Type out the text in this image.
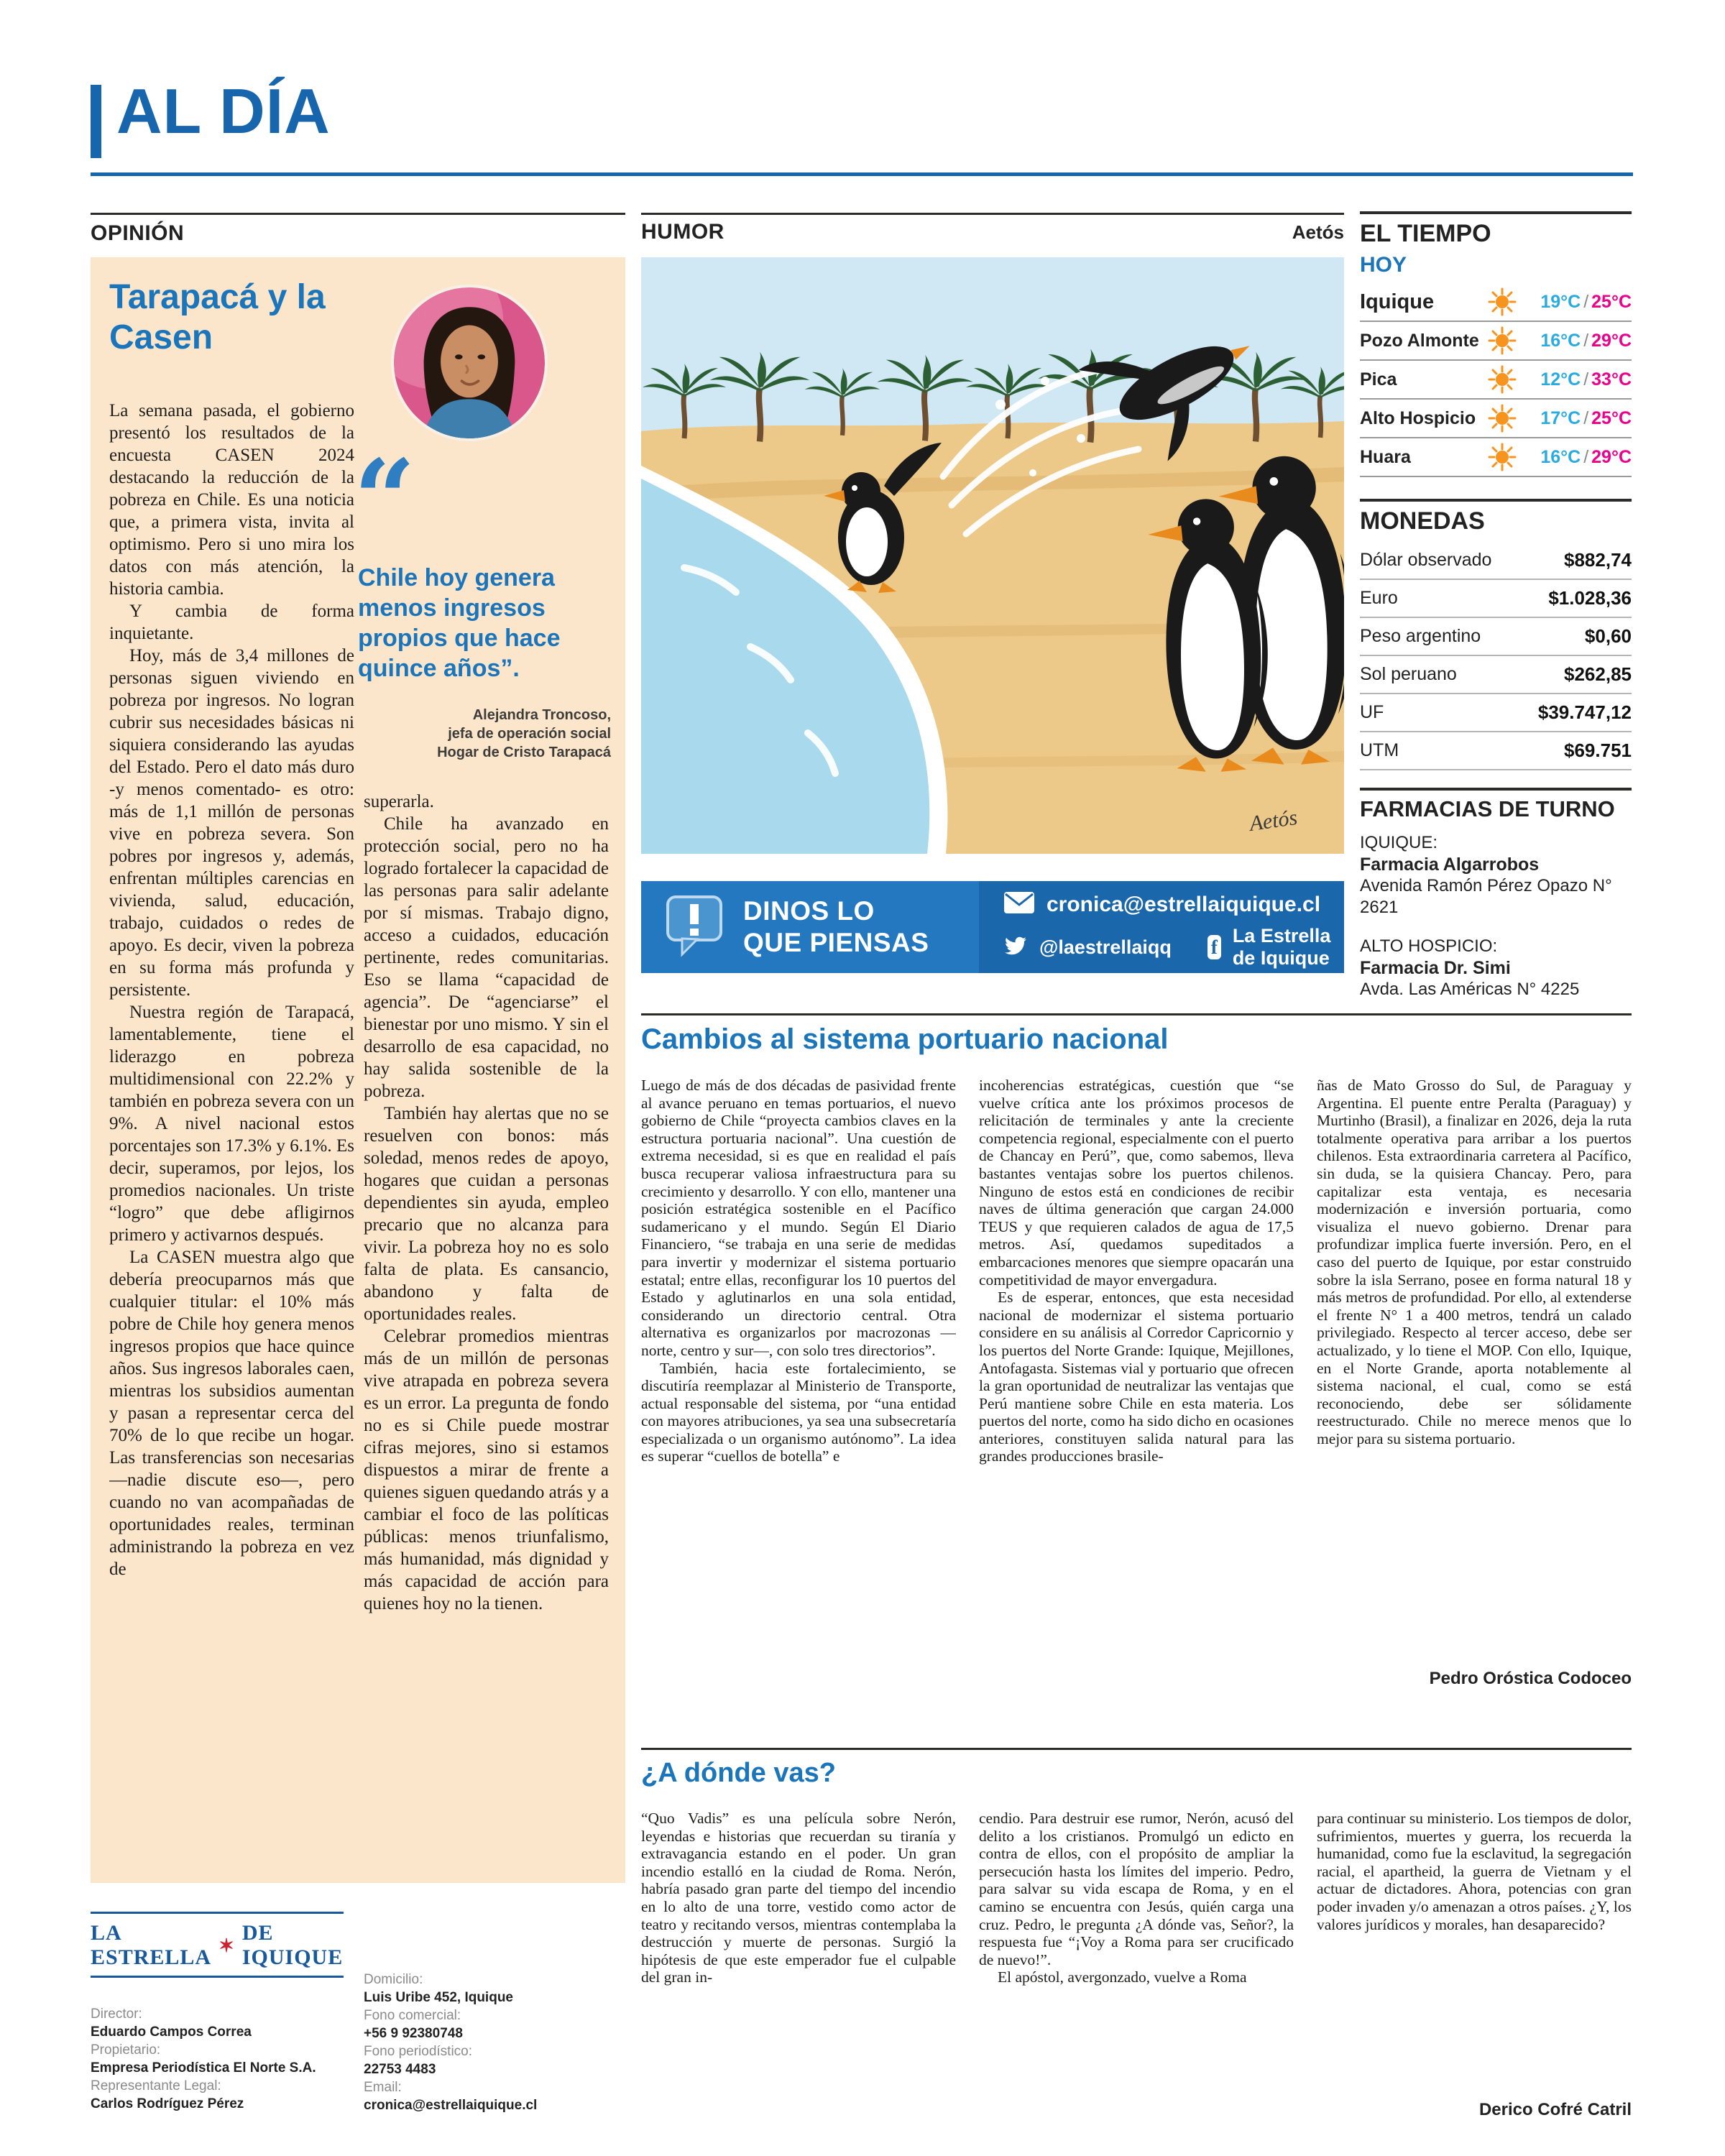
AL DÍA
OPINIÓN	HUMOR	Aetós
Tarapacá y la Casen
“
Chile hoy genera menos ingresos propios que hace quince años”.
Alejandra Troncoso,
jefa de operación social
Hogar de Cristo Tarapacá

La semana pasada, el gobierno presentó los resultados de la encuesta CASEN 2024 destacando la reducción de la pobreza en Chile. Es una noticia que, a primera vista, invita al optimismo. Pero si uno mira los datos con más atención, la historia cambia.

Y cambia de forma inquietante.

Hoy, más de 3,4 millones de personas siguen viviendo en pobreza por ingresos. No logran cubrir sus necesidades básicas ni siquiera considerando las ayudas del Estado. Pero el dato más duro -y menos comentado- es otro: más de 1,1 millón de personas vive en pobreza severa. Son pobres por ingresos y, además, enfrentan múltiples carencias en vivienda, salud, educación, trabajo, cuidados o redes de apoyo. Es decir, viven la pobreza en su forma más profunda y persistente.

Nuestra región de Tarapacá, lamentablemente, tiene el liderazgo en pobreza multidimensional con 22.2% y también en pobreza severa con un 9%. A nivel nacional estos porcentajes son 17.3% y 6.1%. Es decir, superamos, por lejos, los promedios nacionales. Un triste “logro” que debe afligirnos primero y activarnos después.

La CASEN muestra algo que debería preocuparnos más que cualquier titular: el 10% más pobre de Chile hoy genera menos ingresos propios que hace quince años. Sus ingresos laborales caen, mientras los subsidios aumentan y pasan a representar cerca del 70% de lo que recibe un hogar. Las transferencias son necesarias —nadie discute eso—, pero cuando no van acompañadas de oportunidades reales, terminan administrando la pobreza en vez de

superarla.

Chile ha avanzado en protección social, pero no ha logrado fortalecer la capacidad de las personas para salir adelante por sí mismas. Trabajo digno, acceso a cuidados, educación pertinente, redes comunitarias. Eso se llama “capacidad de agencia”. De “agenciarse” el bienestar por uno mismo. Y sin el desarrollo de esa capacidad, no hay salida sostenible de la pobreza.

También hay alertas que no se resuelven con bonos: más soledad, menos redes de apoyo, hogares que cuidan a personas dependientes sin ayuda, empleo precario que no alcanza para vivir. La pobreza hoy no es solo falta de plata. Es cansancio, abandono y falta de oportunidades reales.

Celebrar promedios mientras más de un millón de personas vive atrapada en pobreza severa es un error. La pregunta de fondo no es si Chile puede mostrar cifras mejores, sino si estamos dispuestos a mirar de frente a quienes siguen quedando atrás y a cambiar el foco de las políticas públicas: menos triunfalismo, más humanidad, más dignidad y más capacidad de acción para quienes hoy no la tienen.

Aetós
DINOS LO
QUE PIENSAS
cronica@estrellaiquique.cl
@laestrellaiqq f
La Estrella de Iquique
EL TIEMPO
HOY
Iquique	19°C / 25°C
Pozo Almonte	16°C / 29°C
Pica	12°C / 33°C
Alto Hospicio	17°C / 25°C
Huara	16°C / 29°C
MONEDAS
Dólar observado	$882,74
Euro	$1.028,36
Peso argentino	$0,60
Sol peruano	$262,85
UF	$39.747,12
UTM	$69.751
FARMACIAS DE TURNO
IQUIQUE:
Farmacia Algarrobos
Avenida Ramón Pérez Opazo N° 2621
ALTO HOSPICIO:
Farmacia Dr. Simi
Avda. Las Américas N° 4225
Cambios al sistema portuario nacional

Luego de más de dos décadas de pasividad frente al avance peruano en temas portuarios, el nuevo gobierno de Chile “proyecta cambios claves en la estructura portuaria nacional”. Una cuestión de extrema necesidad, si es que en realidad el país busca recuperar valiosa infraestructura para su crecimiento y desarrollo. Y con ello, mantener una posición estratégica sostenible en el Pacífico sudamericano y el mundo. Según El Diario Financiero, “se trabaja en una serie de medidas para invertir y modernizar el sistema portuario estatal; entre ellas, reconfigurar los 10 puertos del Estado y aglutinarlos en una sola entidad, considerando un directorio central. Otra alternativa es organizarlos por macrozonas —norte, centro y sur—, con solo tres directorios”.

También, hacia este fortalecimiento, se discutiría reemplazar al Ministerio de Transporte, actual responsable del sistema, por “una entidad con mayores atribuciones, ya sea una subsecretaría especializada o un organismo autónomo”. La idea es superar “cuellos de botella” e

incoherencias estratégicas, cuestión que “se vuelve crítica ante los próximos procesos de relicitación de terminales y ante la creciente competencia regional, especialmente con el puerto de Chancay en Perú”, que, como sabemos, lleva bastantes ventajas sobre los puertos chilenos. Ninguno de estos está en condiciones de recibir naves de última generación que cargan 24.000 TEUS y que requieren calados de agua de 17,5 metros. Así, quedamos supeditados a embarcaciones menores que siempre opacarán una competitividad de mayor envergadura.

Es de esperar, entonces, que esta necesidad nacional de modernizar el sistema portuario considere en su análisis al Corredor Capricornio y los puertos del Norte Grande: Iquique, Mejillones, Antofagasta. Sistemas vial y portuario que ofrecen la gran oportunidad de neutralizar las ventajas que Perú mantiene sobre Chile en esta materia. Los puertos del norte, como ha sido dicho en ocasiones anteriores, constituyen salida natural para las grandes producciones brasile-

ñas de Mato Grosso do Sul, de Paraguay y Argentina. El puente entre Peralta (Paraguay) y Murtinho (Brasil), a finalizar en 2026, deja la ruta totalmente operativa para arribar a los puertos chilenos. Esta extraordinaria carretera al Pacífico, sin duda, se la quisiera Chancay. Pero, para capitalizar esta ventaja, es necesaria modernización e inversión portuaria, como visualiza el nuevo gobierno. Drenar para profundizar implica fuerte inversión. Pero, en el caso del puerto de Iquique, por estar construido sobre la isla Serrano, posee en forma natural 18 y más metros de profundidad. Por ello, al extenderse el frente N° 1 a 400 metros, tendrá un calado privilegiado. Respecto al tercer acceso, debe ser actualizado, y lo tiene el MOP. Con ello, Iquique, en el Norte Grande, aporta notablemente al sistema nacional, el cual, como se está reconociendo, debe ser sólidamente reestructurado. Chile no merece menos que lo mejor para su sistema portuario.

Pedro Oróstica Codoceo
¿A dónde vas?

“Quo Vadis” es una película sobre Nerón, leyendas e historias que recuerdan su tiranía y extravagancia estando en el poder. Un gran incendio estalló en la ciudad de Roma. Nerón, habría pasado gran parte del tiempo del incendio en lo alto de una torre, vestido como actor de teatro y recitando versos, mientras contemplaba la destrucción y muerte de personas. Surgió la hipótesis de que este emperador fue el culpable del gran in-

cendio. Para destruir ese rumor, Nerón, acusó del delito a los cristianos. Promulgó un edicto en contra de ellos, con el propósito de ampliar la persecución hasta los límites del imperio. Pedro, para salvar su vida escapa de Roma, y en el camino se encuentra con Jesús, quién carga una cruz. Pedro, le pregunta ¿A dónde vas, Señor?, la respuesta fue “¡Voy a Roma para ser crucificado de nuevo!”.

El apóstol, avergonzado, vuelve a Roma

para continuar su ministerio. Los tiempos de dolor, sufrimientos, muertes y guerra, los recuerda la humanidad, como fue la esclavitud, la segregación racial, el apartheid, la guerra de Vietnam y el actuar de dictadores. Ahora, potencias con gran poder invaden y/o amenazan a otros países. ¿Y, los valores jurídicos y morales, han desaparecido?

Derico Cofré Catril
LA ESTRELLA
✶
DE IQUIQUE
Director:
Eduardo Campos Correa
Propietario:
Empresa Periodística El Norte S.A.
Representante Legal:
Carlos Rodríguez Pérez
Domicilio:
Luis Uribe 452, Iquique
Fono comercial:
+56 9 92380748
Fono periodístico:
22753 4483
Email:
cronica@estrellaiquique.cl
